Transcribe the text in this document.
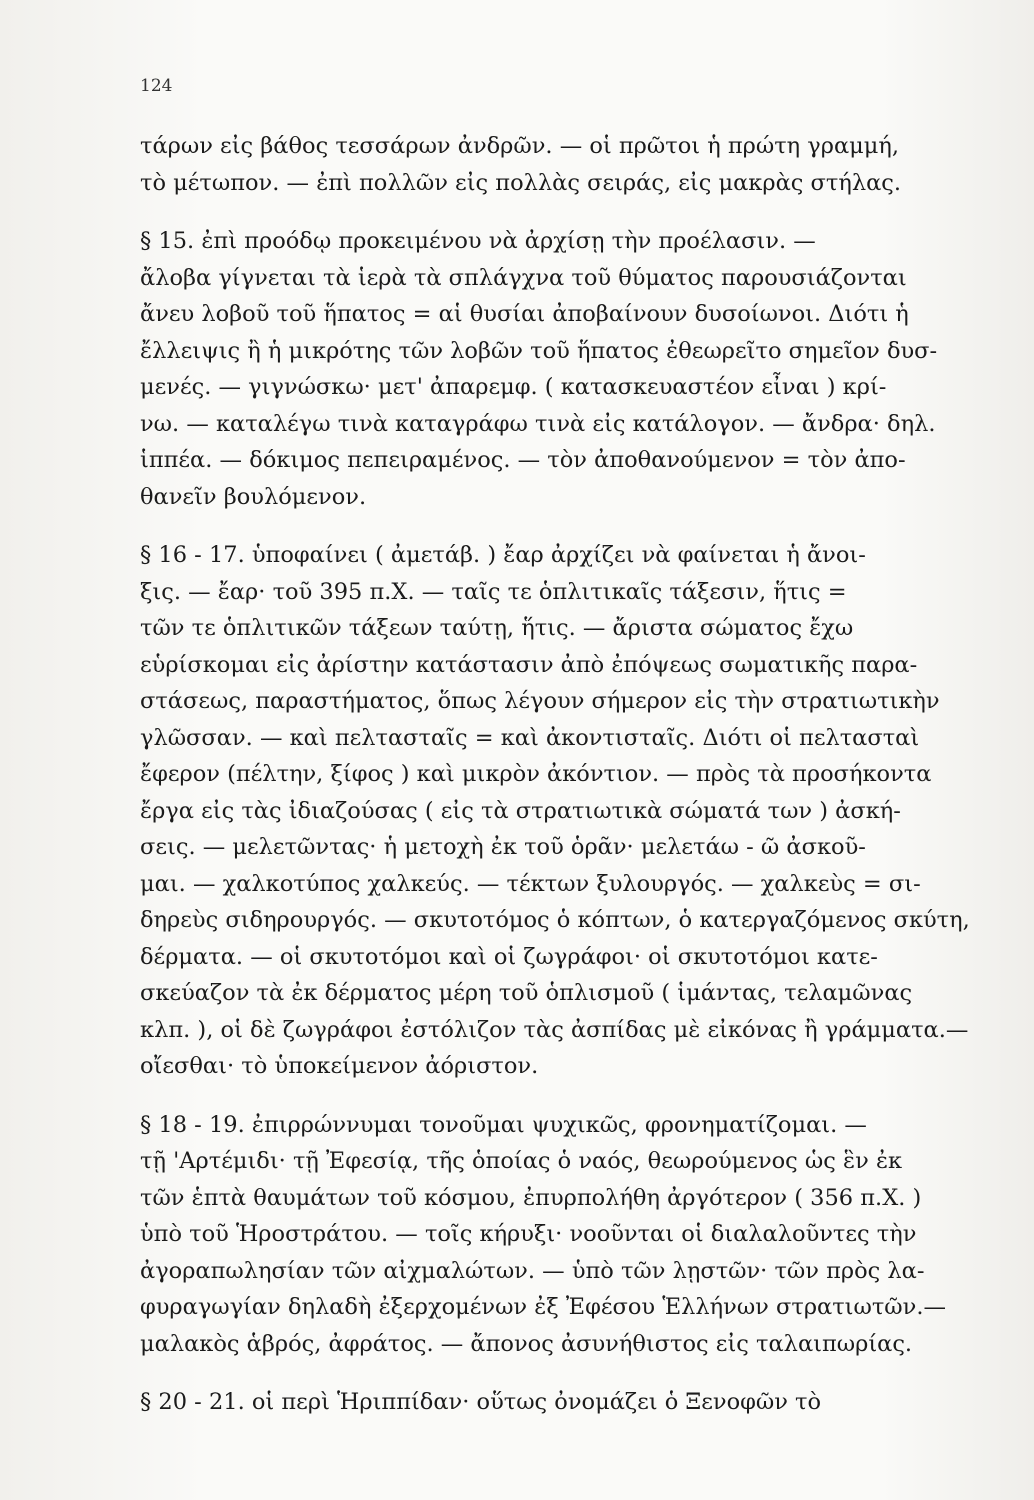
124
τάρων εἰς βάθος τεσσάρων ἀνδρῶν. — οἱ πρῶτοι ἡ πρώτη γραμμή,
τὸ μέτωπον. — ἐπὶ πολλῶν εἰς πολλὰς σειράς, εἰς μακρὰς στήλας.
§ 15. ἐπὶ προόδῳ προκειμένου νὰ ἀρχίσῃ τὴν προέλασιν. —
ἄλοβα γίγνεται τὰ ἱερὰ τὰ σπλάγχνα τοῦ θύματος παρουσιάζονται
ἄνευ λοβοῦ τοῦ ἥπατος = αἱ θυσίαι ἀποβαίνουν δυσοίωνοι. Διότι ἡ
ἔλλειψις ἢ ἡ μικρότης τῶν λοβῶν τοῦ ἥπατος ἐθεωρεῖτο σημεῖον δυσ-
μενές. — γιγνώσκω· μετ' ἀπαρεμφ. ( κατασκευαστέον εἶναι ) κρί-
νω. — καταλέγω τινὰ καταγράφω τινὰ εἰς κατάλογον. — ἄνδρα· δηλ.
ἱππέα. — δόκιμος πεπειραμένος. — τὸν ἀποθανούμενον = τὸν ἀπο-
θανεῖν βουλόμενον.
§ 16 - 17. ὑποφαίνει ( ἀμετάβ. ) ἔαρ ἀρχίζει νὰ φαίνεται ἡ ἄνοι-
ξις. — ἔαρ· τοῦ 395 π.Χ. — ταῖς τε ὁπλιτικαῖς τάξεσιν, ἥτις =
τῶν τε ὁπλιτικῶν τάξεων ταύτῃ, ἥτις. — ἄριστα σώματος ἔχω
εὑρίσκομαι εἰς ἀρίστην κατάστασιν ἀπὸ ἐπόψεως σωματικῆς παρα-
στάσεως, παραστήματος, ὅπως λέγουν σήμερον εἰς τὴν στρατιωτικὴν
γλῶσσαν. — καὶ πελτασταῖς = καὶ ἀκοντισταῖς. Διότι οἱ πελτασταὶ
ἔφερον (πέλτην, ξίφος ) καὶ μικρὸν ἀκόντιον. — πρὸς τὰ προσήκοντα
ἔργα εἰς τὰς ἰδιαζούσας ( εἰς τὰ στρατιωτικὰ σώματά των ) ἀσκή-
σεις. — μελετῶντας· ἡ μετοχὴ ἐκ τοῦ ὁρᾶν· μελετάω - ῶ ἀσκοῦ-
μαι. — χαλκοτύπος χαλκεύς. — τέκτων ξυλουργός. — χαλκεὺς = σι-
δηρεὺς σιδηρουργός. — σκυτοτόμος ὁ κόπτων, ὁ κατεργαζόμενος σκύτη,
δέρματα. — οἱ σκυτοτόμοι καὶ οἱ ζωγράφοι· οἱ σκυτοτόμοι κατε-
σκεύαζον τὰ ἐκ δέρματος μέρη τοῦ ὁπλισμοῦ ( ἱμάντας, τελαμῶνας
κλπ. ), οἱ δὲ ζωγράφοι ἐστόλιζον τὰς ἀσπίδας μὲ εἰκόνας ἢ γράμματα.—
οἴεσθαι· τὸ ὑποκείμενον ἀόριστον.
§ 18 - 19. ἐπιρρώννυμαι τονοῦμαι ψυχικῶς, φρονηματίζομαι. —
τῇ 'Αρτέμιδι· τῇ Ἐφεσίᾳ, τῆς ὁποίας ὁ ναός, θεωρούμενος ὡς ἓν ἐκ
τῶν ἑπτὰ θαυμάτων τοῦ κόσμου, ἐπυρπολήθη ἀργότερον ( 356 π.Χ. )
ὑπὸ τοῦ Ἡροστράτου. — τοῖς κήρυξι· νοοῦνται οἱ διαλαλοῦντες τὴν
ἀγοραπωλησίαν τῶν αἰχμαλώτων. — ὑπὸ τῶν λῃστῶν· τῶν πρὸς λα-
φυραγωγίαν δηλαδὴ ἐξερχομένων ἐξ Ἐφέσου Ἑλλήνων στρατιωτῶν.—
μαλακὸς ἁβρός, ἀφράτος. — ἄπονος ἀσυνήθιστος εἰς ταλαιπωρίας.
§ 20 - 21. οἱ περὶ Ἡριππίδαν· οὕτως ὀνομάζει ὁ Ξενοφῶν τὸ
